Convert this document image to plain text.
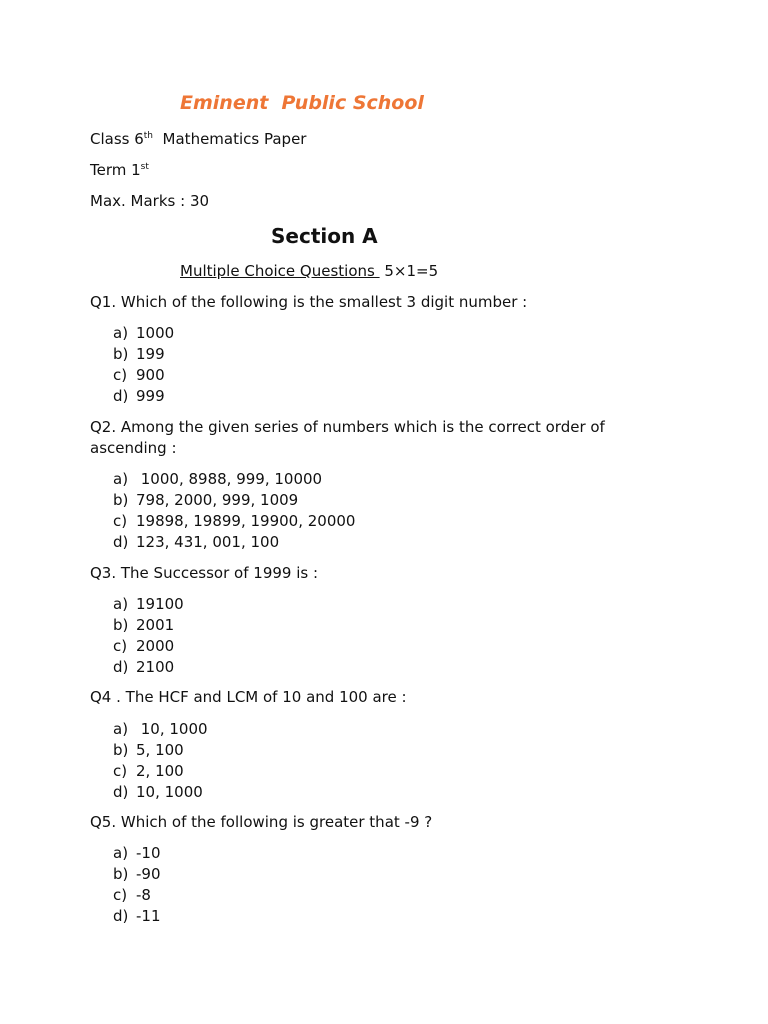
Eminent  Public School
Class 6th  Mathematics Paper
Term 1st
Max. Marks : 30
Section A
Multiple Choice Questions  5×1=5
Q1. Which of the following is the smallest 3 digit number :
a) 1000
b) 199
c) 900
d) 999
Q2. Among the given series of numbers which is the correct order of ascending :
a) 1000, 8988, 999, 10000
b) 798, 2000, 999, 1009
c) 19898, 19899, 19900, 20000
d) 123, 431, 001, 100
Q3. The Successor of 1999 is :
a) 19100
b) 2001
c) 2000
d) 2100
Q4 . The HCF and LCM of 10 and 100 are :
a) 10, 1000
b) 5, 100
c) 2, 100
d) 10, 1000
Q5. Which of the following is greater that -9 ?
a) -10
b) -90
c) -8
d) -11
